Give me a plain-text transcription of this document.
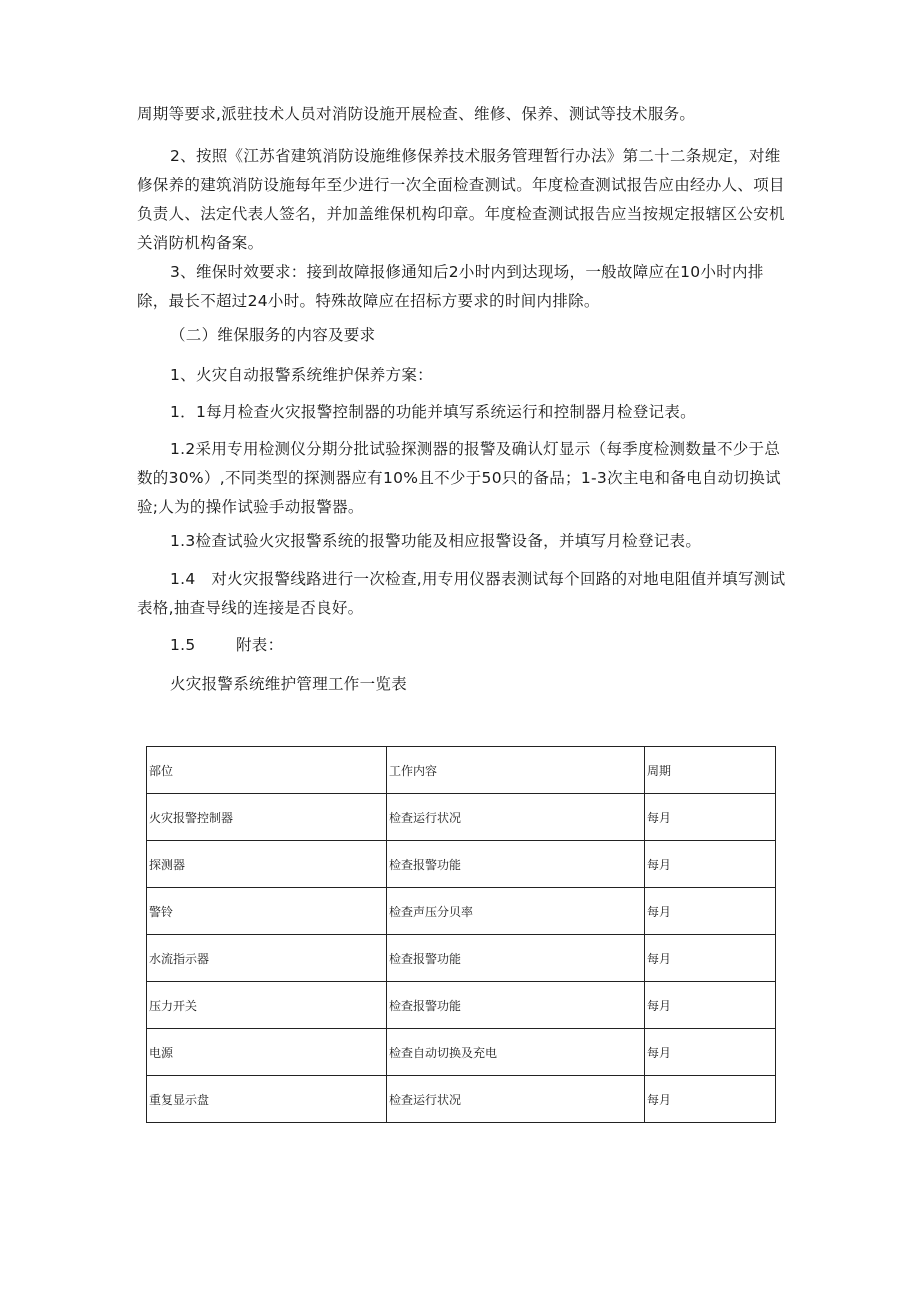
周期等要求,派驻技术人员对消防设施开展检查、维修、保养、测试等技术服务。

2、按照《江苏省建筑消防设施维修保养技术服务管理暂行办法》第二十二条规定，对维修保养的建筑消防设施每年至少进行一次全面检查测试。年度检查测试报告应由经办人、项目负责人、法定代表人签名，并加盖维保机构印章。年度检查测试报告应当按规定报辖区公安机关消防机构备案。

3、维保时效要求：接到故障报修通知后2小时内到达现场，一般故障应在10小时内排除，最长不超过24小时。特殊故障应在招标方要求的时间内排除。

（二）维保服务的内容及要求

1、火灾自动报警系统维护保养方案：

1．1每月检查火灾报警控制器的功能并填写系统运行和控制器月检登记表。

1.2采用专用检测仪分期分批试验探测器的报警及确认灯显示（每季度检测数量不少于总数的30%）,不同类型的探测器应有10%且不少于50只的备品；1-3次主电和备电自动切换试验;人为的操作试验手动报警器。

1.3检查试验火灾报警系统的报警功能及相应报警设备，并填写月检登记表。

1.4　对火灾报警线路进行一次检查,用专用仪器表测试每个回路的对地电阻值并填写测试表格,抽查导线的连接是否良好。

1.5	附表：

火灾报警系统维护管理工作一览表

部位	工作内容	周期
火灾报警控制器	检查运行状况	每月
探测器	检查报警功能	每月
警铃	检查声压分贝率	每月
水流指示器	检查报警功能	每月
压力开关	检查报警功能	每月
电源	检查自动切换及充电	每月
重复显示盘	检查运行状况	每月
